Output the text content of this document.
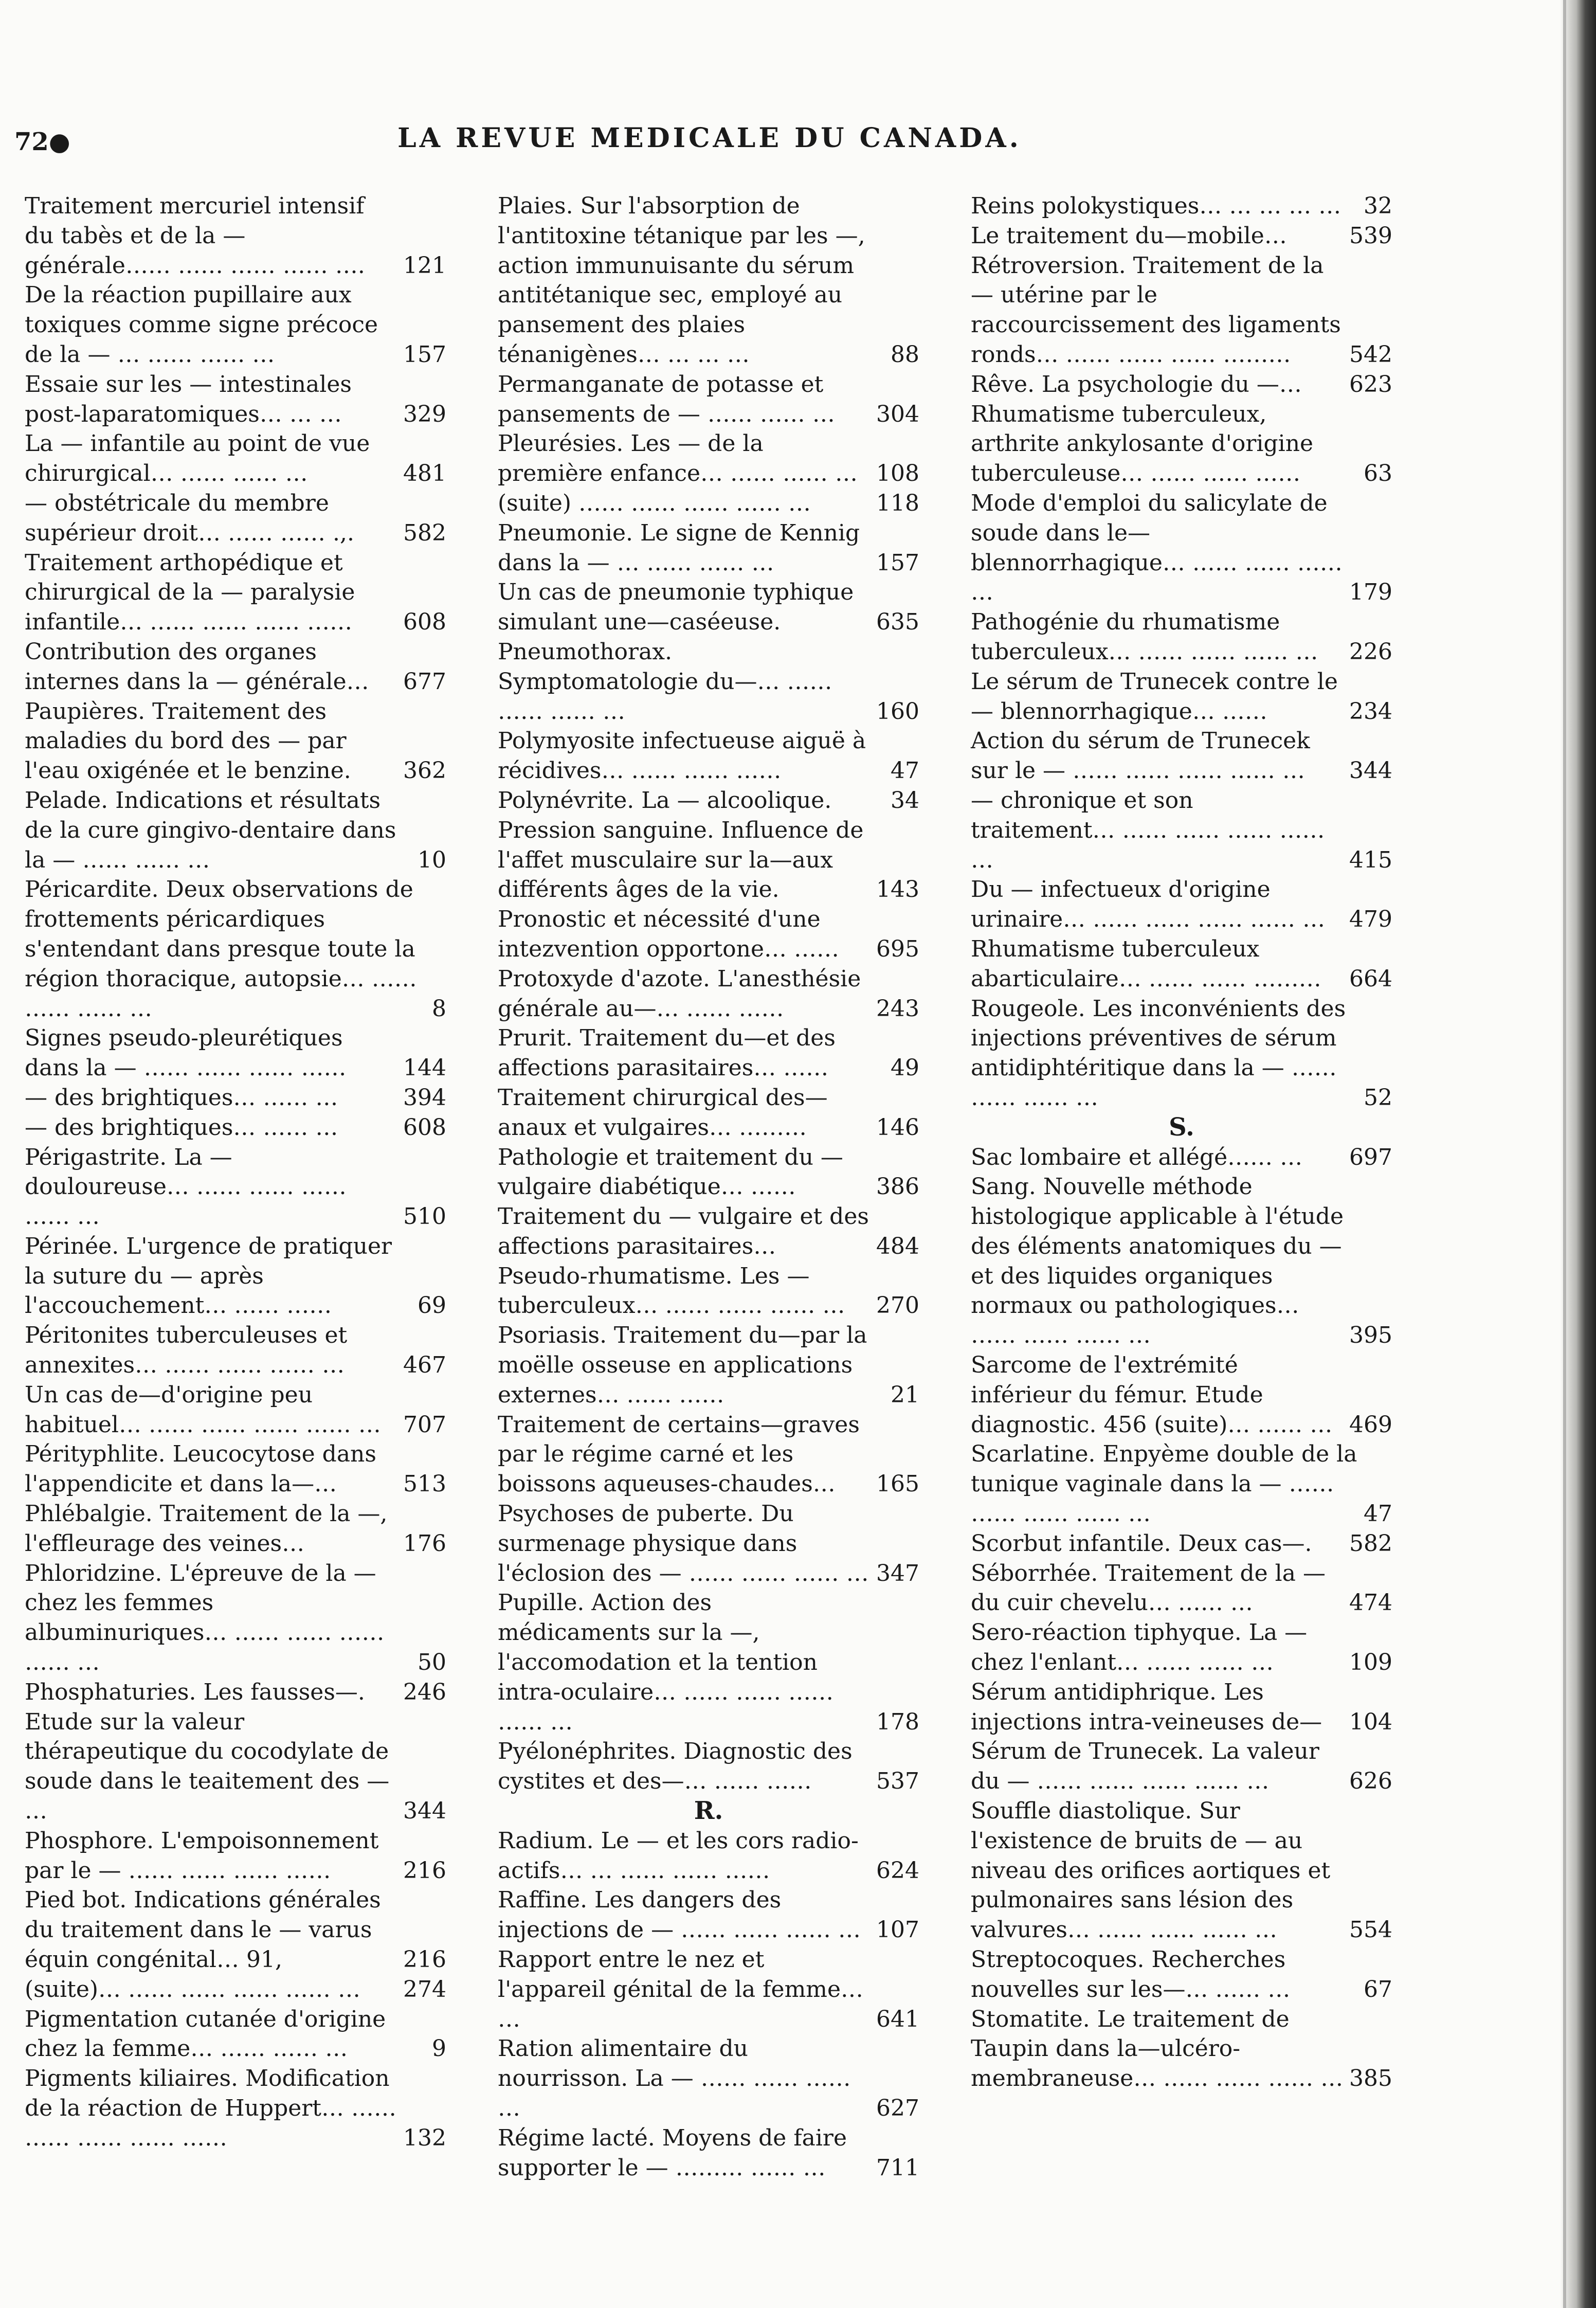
72●	LA REVUE MEDICALE DU CANADA.
Traitement mercuriel intensif du tabès et de la — générale…… …… …… …… ….	121
De la réaction pupillaire aux toxiques comme signe précoce de la — … …… …… …	157
Essaie sur les — intestinales post-laparatomiques… … …	329
La — infantile au point de vue chirurgical… …… …… …	481
— obstétricale du membre supérieur droit… …… …… .,.	582
Traitement arthopédique et chirurgical de la — paralysie infantile… …… …… …… ……	608
Contribution des organes internes dans la — générale…	677
Paupières. Traitement des maladies du bord des — par l'eau oxigénée et le benzine.	362
Pelade. Indications et résultats de la cure gingivo-dentaire dans la — …… …… …	10
Péricardite. Deux observations de frottements péricardiques s'entendant dans presque toute la région thoracique, autopsie… …… …… …… …	8
Signes pseudo-pleurétiques dans la — …… …… …… ……	144
— des brightiques… …… …	394
— des brightiques… …… …	608
Périgastrite. La — douloureuse… …… …… …… …… …	510
Périnée. L'urgence de pratiquer la suture du — après l'accouchement… …… ……	69
Péritonites tuberculeuses et annexites… …… …… …… …	467
Un cas de—d'origine peu habituel… …… …… …… …… … 707
Pérityphlite. Leucocytose dans l'appendicite et dans la—…	513
Phlébalgie. Traitement de la —, l'effleurage des veines…	176
Phloridzine. L'épreuve de la — chez les femmes albuminuriques… …… …… …… …… …	50
Phosphaturies. Les fausses—.	246
Etude sur la valeur thérapeutique du cocodylate de soude dans le teaitement des — …	344
Phosphore. L'empoisonnement par le — …… …… …… ……	216
Pied bot. Indications générales du traitement dans le — varus équin congénital… 91,	216
(suite)… …… …… …… …… …	274
Pigmentation cutanée d'origine chez la femme… …… …… …	9
Pigments kiliaires. Modification de la réaction de Huppert… …… …… …… …… ……	132
Plaies. Sur l'absorption de l'antitoxine tétanique par les —, action immunuisante du sérum antitétanique sec, employé au pansement des plaies ténanigènes… … … …	88
Permanganate de potasse et pansements de — …… …… …	304
Pleurésies. Les — de la première enfance… …… …… … 108
(suite) …… …… …… …… …	118
Pneumonie. Le signe de Kennig dans la — … …… …… …	157
Un cas de pneumonie typhique simulant une—caséeuse.	635
Pneumothorax. Symptomatologie du—… …… …… …… …	160
Polymyosite infectueuse aiguë à récidives… …… …… ……	47
Polynévrite. La — alcoolique.	34
Pression sanguine. Influence de l'affet musculaire sur la—aux différents âges de la vie.	143
Pronostic et nécessité d'une intezvention opportone… ……	695
Protoxyde d'azote. L'anesthésie générale au—… …… ……	243
Prurit. Traitement du—et des affections parasitaires… ……	49
Traitement chirurgical des—anaux et vulgaires… ………	146
Pathologie et traitement du — vulgaire diabétique… ……	386
Traitement du — vulgaire et des affections parasitaires…	484
Pseudo-rhumatisme. Les — tuberculeux… …… …… …… …	270
Psoriasis. Traitement du—par la moëlle osseuse en applications externes… …… ……	21
Traitement de certains—graves par le régime carné et les boissons aqueuses-chaudes…	165
Psychoses de puberte. Du surmenage physique dans l'éclosion des — …… …… …… … 347
Pupille. Action des médicaments sur la —, l'accomodation et la tention intra-oculaire… …… …… …… …… …	178
Pyélonéphrites. Diagnostic des cystites et des—… …… ……	537
R.
Radium. Le — et les cors radio-actifs… … …… …… ……	624
Raffine. Les dangers des injections de — …… …… …… … 107
Rapport entre le nez et l'appareil génital de la femme… …	641
Ration alimentaire du nourrisson. La — …… …… …… …	627
Régime lacté. Moyens de faire supporter le — ……… …… …	711
Reins polokystiques… … … … … 32
Le traitement du—mobile…	539
Rétroversion. Traitement de la — utérine par le raccourcissement des ligaments ronds… …… …… …… ………	542
Rêve. La psychologie du —…	623
Rhumatisme tuberculeux, arthrite ankylosante d'origine tuberculeuse… …… …… ……	63
Mode d'emploi du salicylate de soude dans le— blennorrhagique… …… …… …… …	179
Pathogénie du rhumatisme tuberculeux… …… …… …… …	226
Le sérum de Trunecek contre le — blennorrhagique… ……	234
Action du sérum de Trunecek sur le — …… …… …… …… …	344
— chronique et son traitement… …… …… …… …… …	415
Du — infectueux d'origine urinaire… …… …… …… …… …	479
Rhumatisme tuberculeux abarticulaire… …… …… ………	664
Rougeole. Les inconvénients des injections préventives de sérum antidiphtéritique dans la — …… …… …… …	52
S.
Sac lombaire et allégé…… …	697
Sang. Nouvelle méthode histologique applicable à l'étude des éléments anatomiques du — et des liquides organiques normaux ou pathologiques… …… …… …… …	395
Sarcome de l'extrémité inférieur du fémur. Etude diagnostic. 456 (suite)… …… … 469
Scarlatine. Enpyème double de la tunique vaginale dans la — …… …… …… …… …	47
Scorbut infantile. Deux cas—.	582
Séborrhée. Traitement de la — du cuir chevelu… …… …	474
Sero-réaction tiphyque. La — chez l'enlant… …… …… …	109
Sérum antidiphrique. Les injections intra-veineuses de—	104
Sérum de Trunecek. La valeur du — …… …… …… …… …	626
Souffle diastolique. Sur l'existence de bruits de — au niveau des orifices aortiques et pulmonaires sans lésion des valvures… …… …… …… …	554
Streptocoques. Recherches nouvelles sur les—… …… …	67
Stomatite. Le traitement de Taupin dans la—ulcéro-membraneuse… …… …… …… … 385
